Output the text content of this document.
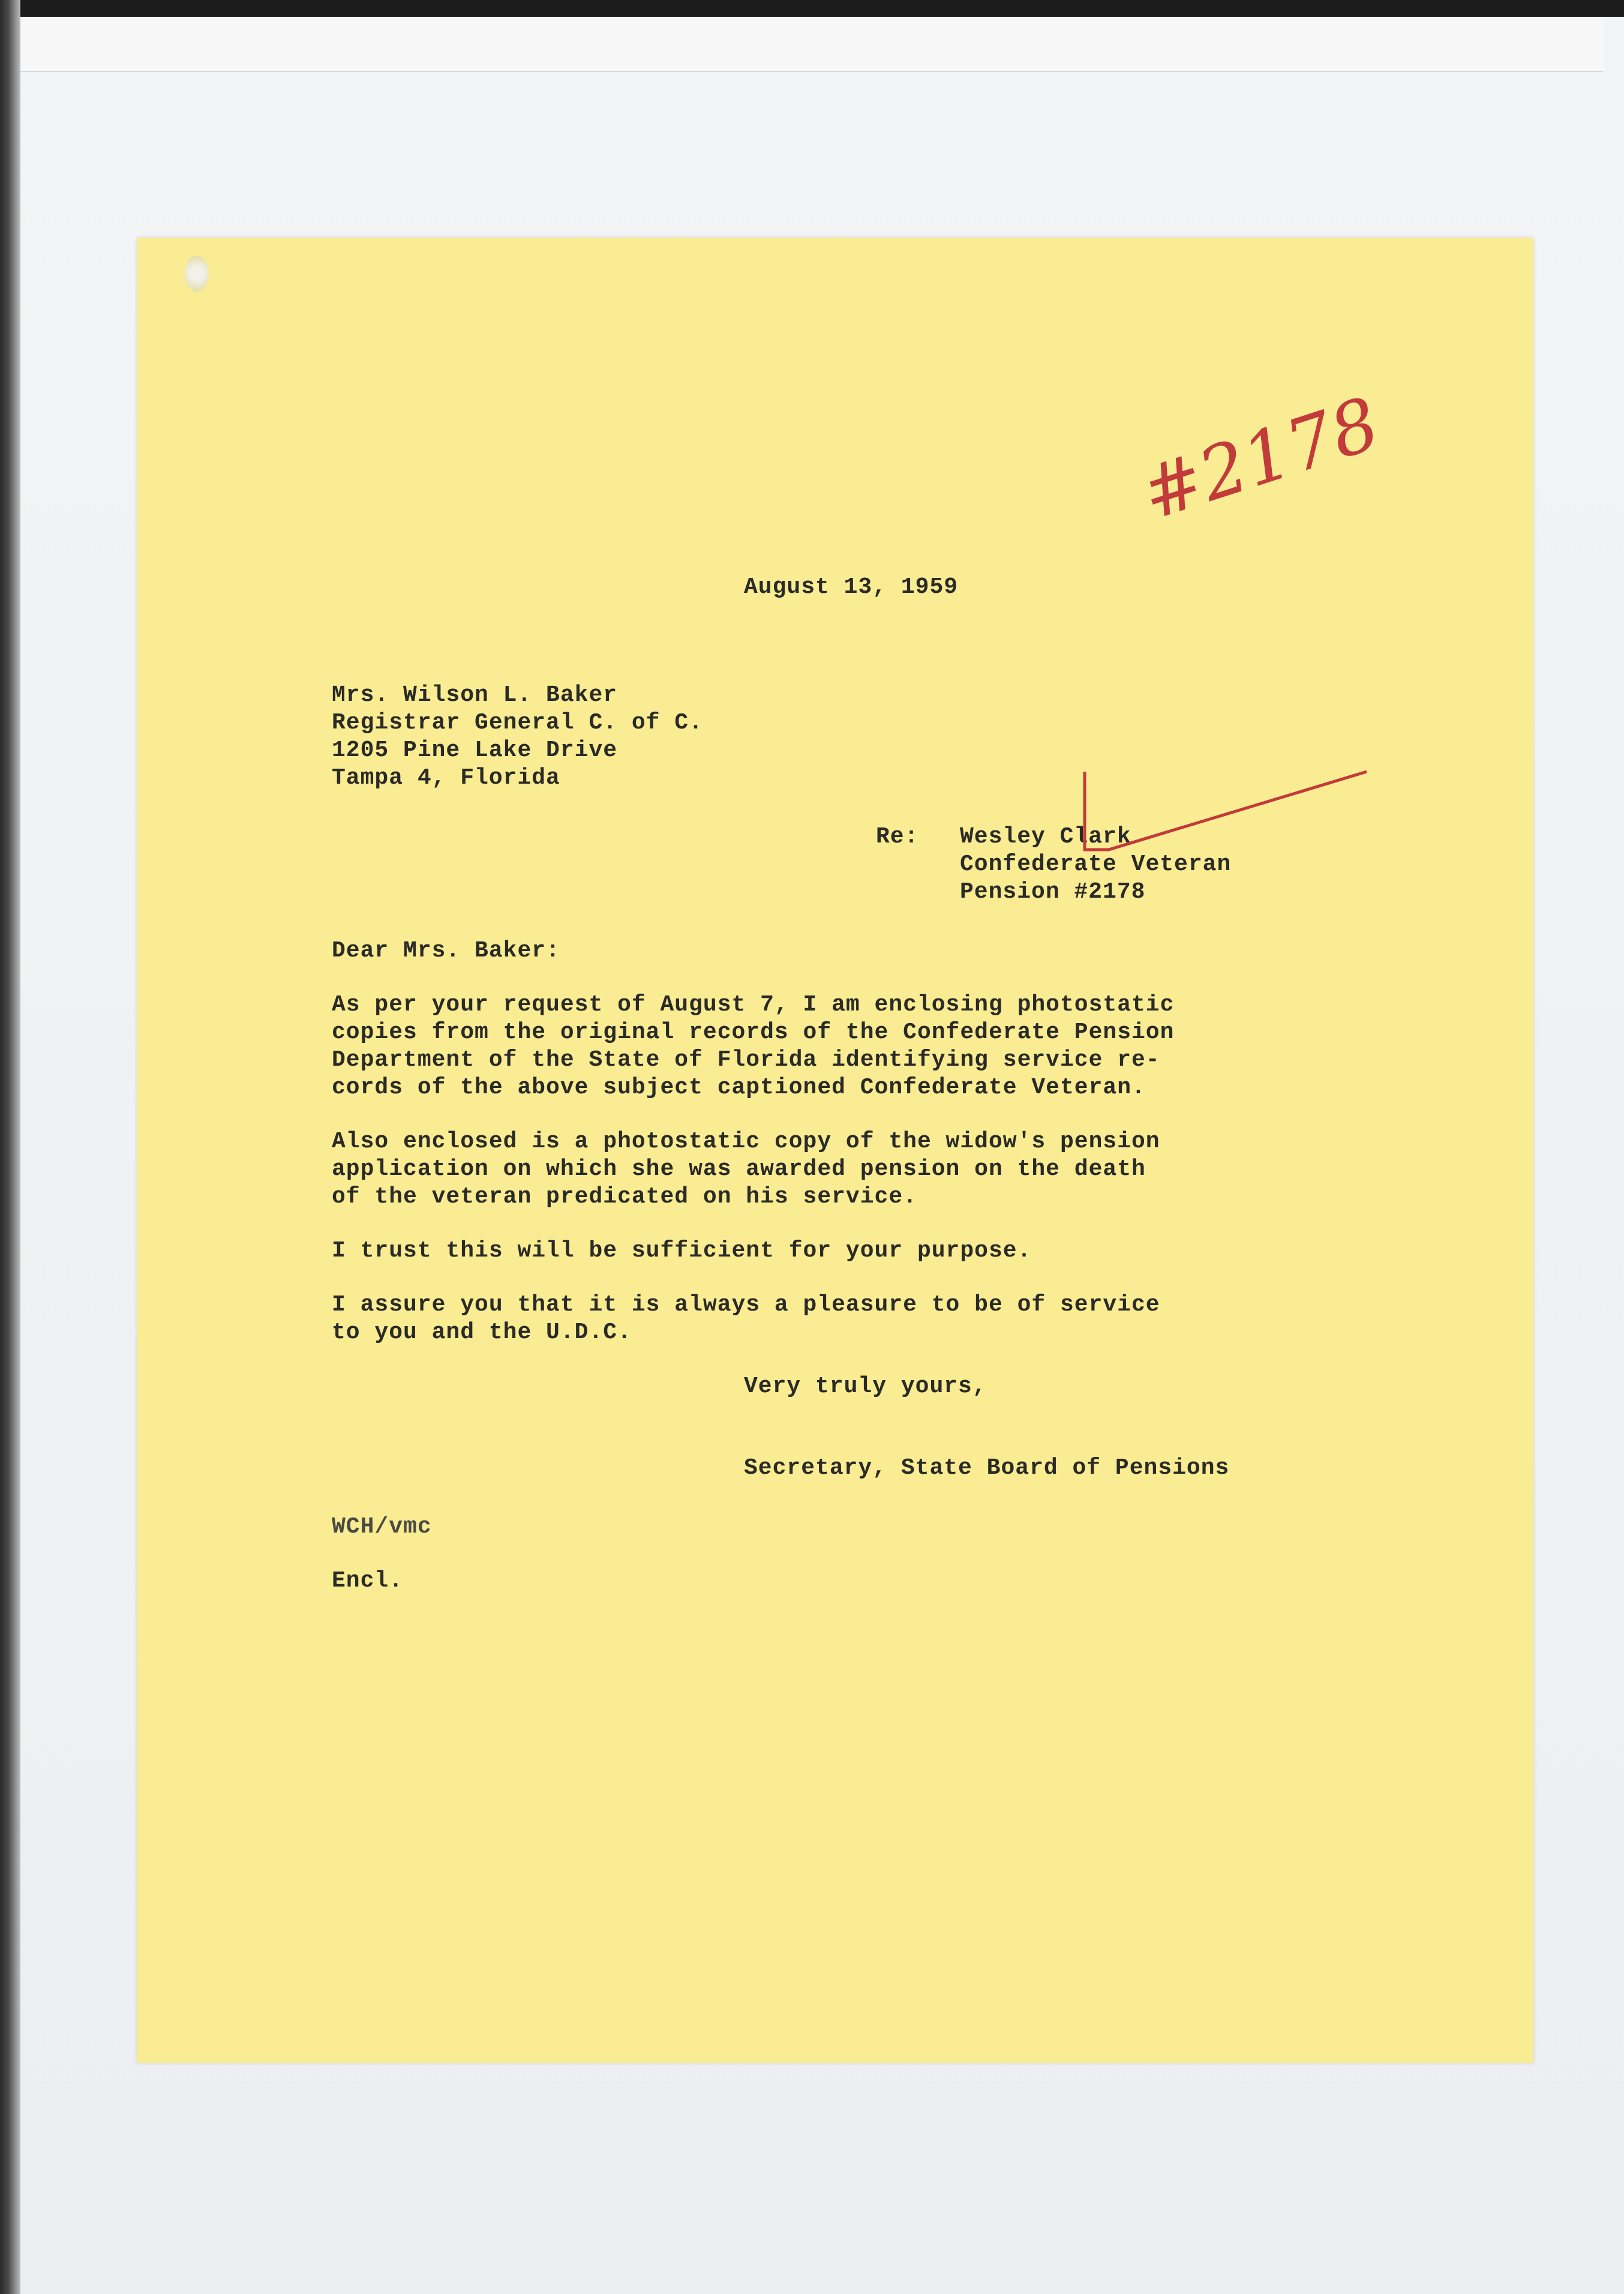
#2178
August 13, 1959
Mrs. Wilson L. Baker
Registrar General C. of C.
1205 Pine Lake Drive
Tampa 4, Florida
Re: Wesley Clark
Confederate Veteran
Pension #2178
Dear Mrs. Baker:
As per your request of August 7, I am enclosing photostatic
copies from the original records of the Confederate Pension
Department of the State of Florida identifying service re-
cords of the above subject captioned Confederate Veteran.
Also enclosed is a photostatic copy of the widow's pension
application on which she was awarded pension on the death
of the veteran predicated on his service.
I trust this will be sufficient for your purpose.
I assure you that it is always a pleasure to be of service
to you and the U.D.C.
Very truly yours,
Secretary, State Board of Pensions
WCH/vmc
Encl.
